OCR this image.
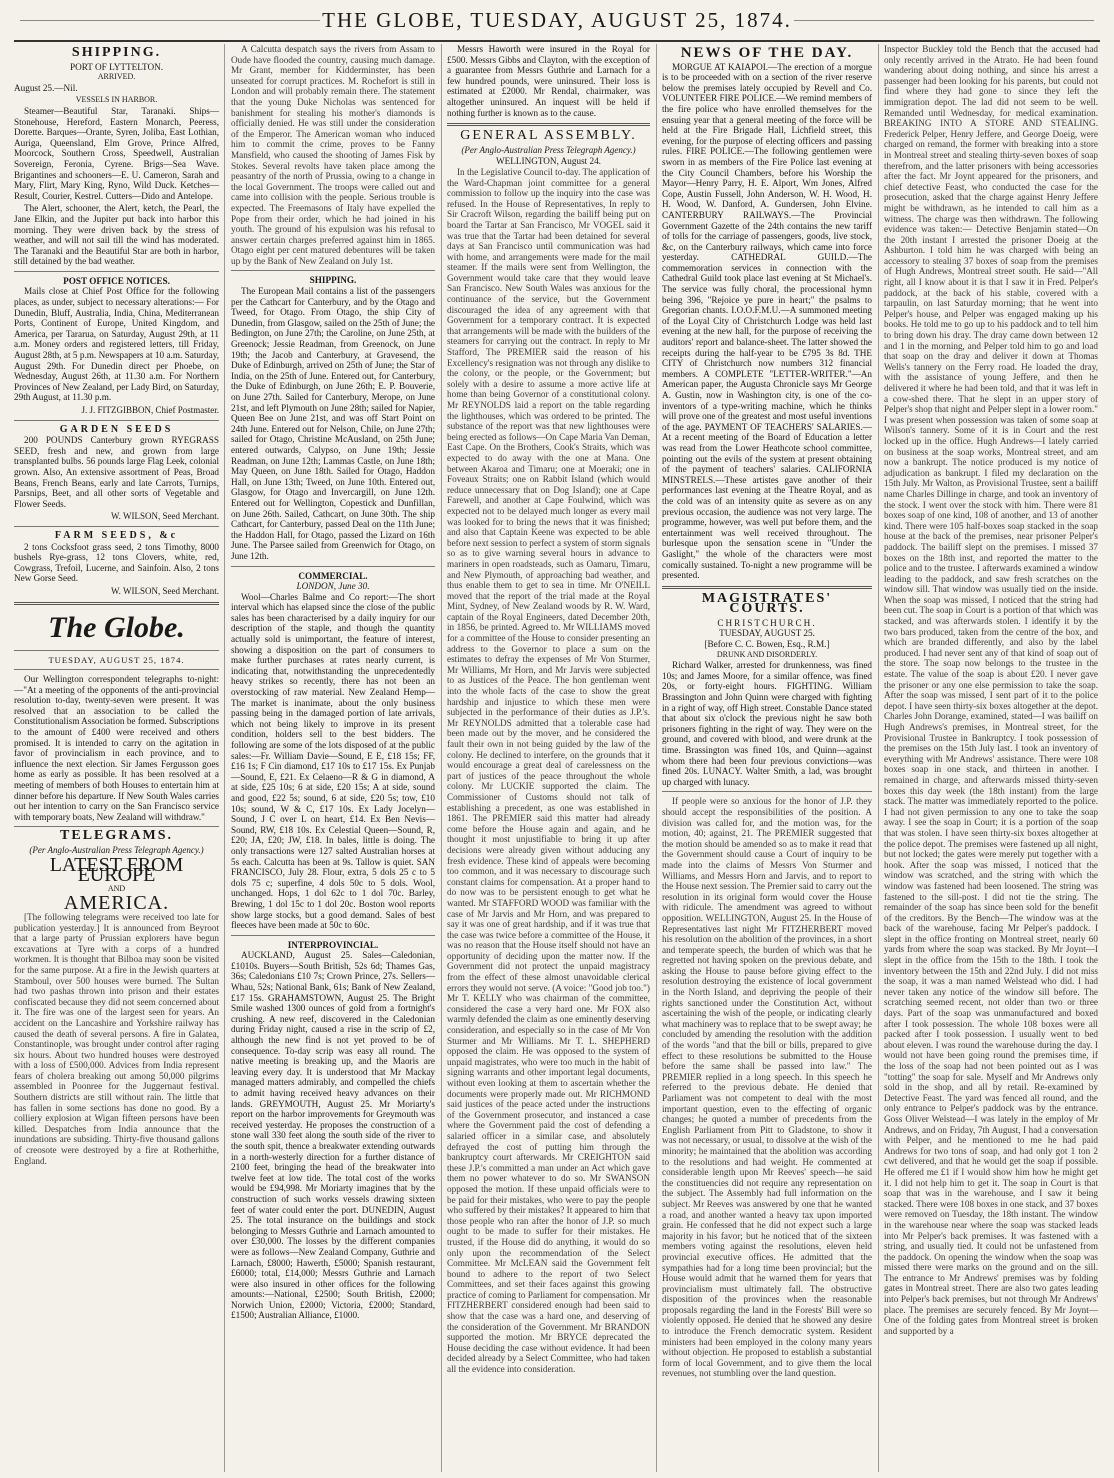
THE GLOBE, TUESDAY, AUGUST 25, 1874.
SHIPPING.
PORT OF LYTTELTON.
ARRIVED.

August 25.—Nil.

VESSELS IN HARBOR.

Steamer—Beautiful Star, Taranaki. Ships—Stonehouse, Hereford, Eastern Monarch, Peeress, Dorette. Barques—Orante, Syren, Joliba, East Lothian, Auriga, Queensland, Elm Grove, Prince Alfred, Moorcock, Southern Cross, Speedwell, Australian Sovereign, Feronia, Cyrene. Brigs—Sea Wave. Brigantines and schooners—E. U. Cameron, Sarah and Mary, Flirt, Mary King, Ryno, Wild Duck. Ketches—Result, Courier, Kestrel. Cutters—Dido and Antelope.

The Alert, schooner, the Alert, ketch, the Pearl, the Jane Elkin, and the Jupiter put back into harbor this morning. They were driven back by the stress of weather, and will not sail till the wind has moderated. The Taranaki and the Beautiful Star are both in harbor, still detained by the bad weather.

POST OFFICE NOTICES.

Mails close at Chief Post Office for the following places, as under, subject to necessary alterations:— For Dunedin, Bluff, Australia, India, China, Mediterranean Ports, Continent of Europe, United Kingdom, and America, per Tararua, on Saturday, August 29th, at 11 a.m. Money orders and registered letters, till Friday, August 28th, at 5 p.m. Newspapers at 10 a.m. Saturday, August 29th. For Dunedin direct per Phoebe, on Wednesday, August 26th, at 11.30 a.m. For Northern Provinces of New Zealand, per Lady Bird, on Saturday, 29th August, at 11.30 p.m.

J. J. FITZGIBBON, Chief Postmaster.
GARDEN SEEDS

200 POUNDS Canterbury grown RYEGRASS SEED, fresh and new, and grown from large transplanted bulbs. 56 pounds large Flag Leek, colonial grown. Also, An extensive assortment of Peas, Broad Beans, French Beans, early and late Carrots, Turnips, Parsnips, Beet, and all other sorts of Vegetable and Flower Seeds.

W. WILSON, Seed Merchant.
FARM SEEDS, &c

2 tons Cocksfoot grass seed, 2 tons Timothy, 8000 bushels Rye-grass, 12 tons Clovers, white, red, Cowgrass, Trefoil, Lucerne, and Sainfoin. Also, 2 tons New Gorse Seed.

W. WILSON, Seed Merchant.
The Globe.
TUESDAY, AUGUST 25, 1874.

Our Wellington correspondent telegraphs to-night:—"At a meeting of the opponents of the anti-provincial resolution to-day, twenty-seven were present. It was resolved that an association to be called the Constitutionalism Association be formed. Subscriptions to the amount of £400 were received and others promised. It is intended to carry on the agitation in favor of provincialism in each province, and to influence the next election. Sir James Fergusson goes home as early as possible. It has been resolved at a meeting of members of both Houses to entertain him at dinner before his departure. If New South Wales carries out her intention to carry on the San Francisco service with temporary boats, New Zealand will withdraw."

TELEGRAMS.
(Per Anglo-Australian Press Telegraph Agency.)
LATEST FROM EUROPE
AND
AMERICA.

[The following telegrams were received too late for publication yesterday.] It is announced from Beyroot that a large party of Prussian explorers have begun excavations at Tyre with a corps of a hundred workmen. It is thought that Bilboa may soon be visited for the same purpose. At a fire in the Jewish quarters at Stamboul, over 500 houses were burned. The Sultan had two pashas thrown into prison and their estates confiscated because they did not seem concerned about it. The fire was one of the largest seen for years. An accident on the Lancashire and Yorkshire railway has caused the death of several persons. A fire in Galatea, Constantinople, was brought under control after raging six hours. About two hundred houses were destroyed with a loss of £500,000. Advices from India represent fears of cholera breaking out among 50,000 pilgrims assembled in Poonree for the Juggernaut festival. Southern districts are still without rain. The little that has fallen in some sections has done no good. By a colliery explosion at Wigan fifteen persons have been killed. Despatches from India announce that the inundations are subsiding. Thirty-five thousand gallons of creosote were destroyed by a fire at Rotherhithe, England.

A Calcutta despatch says the rivers from Assam to Oude have flooded the country, causing much damage. Mr Grant, member for Kidderminster, has been unseated for corrupt practices. M. Rochefort is still in London and will probably remain there. The statement that the young Duke Nicholas was sentenced for banishment for stealing his mother's diamonds is officially denied. He was still under the consideration of the Emperor. The American woman who induced him to commit the crime, proves to be Fanny Mansfield, who caused the shooting of James Fisk by Stokes. Several revolts have taken place among the peasantry of the north of Prussia, owing to a change in the local Government. The troops were called out and came into collision with the people. Serious trouble is expected. The Freemasons of Italy have expelled the Pope from their order, which he had joined in his youth. The ground of his expulsion was his refusal to answer certain charges preferred against him in 1865. Otago eight per cent matured debentures will be taken up by the Bank of New Zealand on July 1st.

SHIPPING.

The European Mail contains a list of the passengers per the Cathcart for Canterbury, and by the Otago and Tweed, for Otago. From Otago, the ship City of Dunedin, from Glasgow, sailed on the 25th of June; the Bedington, on June 27th; the Caroline, on June 25th, at Greenock; Jessie Readman, from Greenock, on June 19th; the Jacob and Canterbury, at Gravesend, the Duke of Edinburgh, arrived on 25th of June; the Star of India, on the 25th of June. Entered out, for Canterbury, the Duke of Edinburgh, on June 26th; E. P. Bouverie, on June 27th. Sailed for Canterbury, Merope, on June 21st, and left Plymouth on June 28th; sailed for Napier, Queen Bee on June 21st, and was off Start Point on 24th June. Entered out for Nelson, Chile, on June 27th; sailed for Otago, Christine McAusland, on 25th June; entered outwards, Calypso, on June 19th; Jessie Readman, on June 12th; Lammas Castle, on June 18th; May Queen, on June 18th. Sailed for Otago, Haddon Hall, on June 13th; Tweed, on June 10th. Entered out, Glasgow, for Otago and Invercargill, on June 12th. Entered out for Wellington, Copestick and Dunfillan, on June 26th. Sailed, Cathcart, on June 30th. The ship Cathcart, for Canterbury, passed Deal on the 11th June; the Haddon Hall, for Otago, passed the Lizard on 16th June. The Parsee sailed from Greenwich for Otago, on June 12th.

COMMERCIAL.
LONDON, June 30.

Wool—Charles Balme and Co report:—The short interval which has elapsed since the close of the public sales has been characterised by a daily inquiry for our description of the staple, and though the quantity actually sold is unimportant, the feature of interest, showing a disposition on the part of consumers to make further purchases at rates nearly current, is indicating that, notwithstanding the unprecedentedly heavy strikes so recently, there has not been an overstocking of raw material. New Zealand Hemp—The market is inanimate, about the only business passing being in the damaged portion of late arrivals, which not being likely to improve in its present condition, holders sell to the best bidders. The following are some of the lots disposed of at the public sales:—Fr. William Davie—Sound, E E, £18 15s; FF, £16 1s; F Cin diamond, £17 10s to £17 15s. Ex Punjab—Sound, E, £21. Ex Celaeno—R & G in diamond, A at side, £25 10s; 6 at side, £20 15s; A at side, sound and good, £22 5s; sound, 6 at side, £20 5s; tow, £10 10s; sound, W & C, £17 10s. Ex Lady Jocelyn—Sound, J C over L on heart, £14. Ex Ben Nevis—Sound, RW, £18 10s. Ex Celestial Queen—Sound, R, £20; JA, £20; JW, £18. In bales, little is doing. The only transactions were 127 salted Australian horses at 5s each. Calcutta has been at 9s. Tallow is quiet. SAN FRANCISCO, July 28. Flour, extra, 5 dols 25 c to 5 dols 75 c; superfine, 4 dols 50c to 5 dols. Wool, unchanged. Hops, 1 dol 62c to 1 dol 70c. Barley, Brewing, 1 dol 15c to 1 dol 20c. Boston wool reports show large stocks, but a good demand. Sales of best fleeces have been made at 50c to 60c.

INTERPROVINCIAL.

AUCKLAND, August 25. Sales—Caledonian, £1010s. Buyers—South British, 52s 6d; Thames Gas, 36s; Caledonians £10 7s; Crown Prince, 27s. Sellers—Whau, 52s; National Bank, 61s; Bank of New Zealand, £17 15s. GRAHAMSTOWN, August 25. The Bright Smile washed 1300 ounces of gold from a fortnight's crushing. A new reef, discovered in the Caledonian during Friday night, caused a rise in the scrip of £2, although the new find is not yet proved to be of consequence. To-day scrip was easy all round. The native meeting is breaking up, and the Maoris are leaving every day. It is understood that Mr Mackay managed matters admirably, and compelled the chiefs to admit having received heavy advances on their lands. GREYMOUTH, August 25. Mr Moriarty's report on the harbor improvements for Greymouth was received yesterday. He proposes the construction of a stone wall 330 feet along the south side of the river to the south spit, thence a breakwater extending outwards in a north-westerly direction for a further distance of 2100 feet, bringing the head of the breakwater into twelve feet at low tide. The total cost of the works would be £94,998. Mr Moriarty imagines that by the construction of such works vessels drawing sixteen feet of water could enter the port. DUNEDIN, August 25. The total insurance on the buildings and stock belonging to Messrs Guthrie and Larnach amounted to over £30,000. The losses by the different companies were as follows—New Zealand Company, Guthrie and Larnach, £8000; Hawerth, £5000; Spanish restaurant, £6000; total, £14,000; Messrs Guthrie and Larnach were also insured in other offices for the following amounts:—National, £2500; South British, £2000; Norwich Union, £2000; Victoria, £2000; Standard, £1500; Australian Alliance, £1000.

Messrs Haworth were insured in the Royal for £500. Messrs Gibbs and Clayton, with the exception of a guarantee from Messrs Guthrie and Larnach for a few hundred pounds, were uninsured. Their loss is estimated at £2000. Mr Rendal, chairmaker, was altogether uninsured. An inquest will be held if nothing further is known as to the cause.

GENERAL ASSEMBLY.
(Per Anglo-Australian Press Telegraph Agency.)
WELLINGTON, August 24.

In the Legislative Council to-day. The application of the Ward-Chapman joint committee for a general commission to follow up the inquiry into the case was refused. In the House of Representatives, In reply to Sir Cracroft Wilson, regarding the bailiff being put on board the Tartar at San Francisco, Mr VOGEL said it was true that the Tartar had been detained for several days at San Francisco until communication was had with home, and arrangements were made for the mail steamer. If the mails were sent from Wellington, the Government would take care that they would leave San Francisco. New South Wales was anxious for the continuance of the service, but the Government discouraged the idea of any agreement with that Government for a temporary contract. It is expected that arrangements will be made with the builders of the steamers for carrying out the contract. In reply to Mr Stafford, The PREMIER said the reason of his Excellency's resignation was not through any dislike to the colony, or the people, or the Government; but solely with a desire to assume a more active life at home than being Governor of a constitutional colony. Mr REYNOLDS laid a report on the table regarding the lighthouses, which was ordered to be printed. The substance of the report was that new lighthouses were being erected as follows—On Cape Maria Van Deman, East Cape. On the Brothers, Cook's Straits, which was expected to do away with the one at Mana. One between Akaroa and Timaru; one at Moeraki; one in Foveaux Straits; one on Rabbit Island (which would reduce unnecessary that on Dog Island); one at Cape Farewell, and another at Cape Foulwind, which was expected not to be delayed much longer as every mail was looked for to bring the news that it was finished; and also that Captain Keene was expected to be able before next session to perfect a system of storm signals so as to give warning several hours in advance to mariners in open roadsteads, such as Oamaru, Timaru, and New Plymouth, of approaching bad weather, and thus enable them to get to sea in time. Mr O'NEILL moved that the report of the trial made at the Royal Mint, Sydney, of New Zealand woods by R. W. Ward, captain of the Royal Engineers, dated December 20th, in 1856, be printed. Agreed to. Mr WILLIAMS moved for a committee of the House to consider presenting an address to the Governor to place a sum on the estimates to defray the expenses of Mr Von Sturmer, Mr Williams, Mr Horn, and Mr Jarvis were subjected to as Justices of the Peace. The hon gentleman went into the whole facts of the case to show the great hardship and injustice to which these men were subjected in the performance of their duties as J.P.'s. Mr REYNOLDS admitted that a tolerable case had been made out by the mover, and he considered the fault their own in not being guided by the law of the colony. He declined to interfere, on the grounds that it would encourage a great deal of carelessness on the part of justices of the peace throughout the whole colony. Mr LUCKIE supported the claim. The Commissioner of Customs should not talk of establishing a precedent, as one was established in 1861. The PREMIER said this matter had already come before the House again and again, and he thought it most unjustifiable to bring it up after decisions were already given without adducing any fresh evidence. These kind of appeals were becoming too common, and it was necessary to discourage such constant claims for compensation. At a proper hand to do now was to be persistent enough to get what he wanted. Mr STAFFORD WOOD was familiar with the case of Mr Jarvis and Mr Horn, and was prepared to say it was one of great hardship, and if it was true that the case was twice before a committee of the House, it was no reason that the House itself should not have an opportunity of deciding upon the matter now. If the Government did not protect the unpaid magistracy from the effect of these almost unavoidable clerical errors they would not serve. (A voice: "Good job too.") Mr T. KELLY who was chairman of the committee, considered the case a very hard one. Mr FOX also warmly defended the claim as one eminently deserving consideration, and especially so in the case of Mr Von Sturmer and Mr Williams. Mr T. L. SHEPHERD opposed the claim. He was opposed to the system of unpaid magistrates, who were too much in the habit of signing warrants and other important legal documents, without even looking at them to ascertain whether the documents were properly made out. Mr RICHMOND said justices of the peace acted under the instructions of the Government prosecutor, and instanced a case where the Government paid the cost of defending a salaried officer in a similar case, and absolutely defrayed the cost of putting him through the bankruptcy court afterwards. Mr CREIGHTON said these J.P.'s committed a man under an Act which gave them no power whatever to do so. Mr SWANSON opposed the motion. If these unpaid officials were to be paid for their mistakes, who were to pay the people who suffered by their mistakes? It appeared to him that those people who ran after the honor of J.P. so much ought to be made to suffer for their mistakes. He trusted, if the House did do anything, it would do so only upon the recommendation of the Select Committee. Mr McLEAN said the Government felt bound to adhere to the report of two Select Committees, and set their faces against this growing practice of coming to Parliament for compensation. Mr FITZHERBERT considered enough had been said to show that the case was a hard one, and deserving of the consideration of the Government. Mr BRANDON supported the motion. Mr BRYCE deprecated the House deciding the case without evidence. It had been decided already by a Select Committee, who had taken all the evidence into consideration.

NEWS OF THE DAY.

MORGUE AT KAIAPOI.—The erection of a morgue is to be proceeded with on a section of the river reserve below the premises lately occupied by Revell and Co. VOLUNTEER FIRE POLICE.—We remind members of the fire police who have enrolled themselves for the ensuing year that a general meeting of the force will be held at the Fire Brigade Hall, Lichfield street, this evening, for the purpose of electing officers and passing rules. FIRE POLICE.—The following gentlemen were sworn in as members of the Fire Police last evening at the City Council Chambers, before his Worship the Mayor—Henry Parry, H. E. Alport, Wm Jones, Alfred Cope, Austin Fussell, John Anderson, W. H. Wood, H. H. Wood, W. Danford, A. Gundersen, John Elvine. CANTERBURY RAILWAYS.—The Provincial Government Gazette of the 24th contains the new tariff of tolls for the carriage of passengers, goods, live stock, &c, on the Canterbury railways, which came into force yesterday. CATHEDRAL GUILD.—The commemoration services in connection with the Cathedral Guild took place last evening at St Michael's. The service was fully choral, the processional hymn being 396, "Rejoice ye pure in heart;" the psalms to Gregorian chants. I.O.O.F.M.U.—A summoned meeting of the Loyal City of Christchurch Lodge was held last evening at the new hall, for the purpose of receiving the auditors' report and balance-sheet. The latter showed the receipts during the half-year to be £795 3s 8d. THE CITY of Christchurch now numbers 312 financial members. A COMPLETE "LETTER-WRITER."—An American paper, the Augusta Chronicle says Mr George A. Gustin, now in Washington city, is one of the co-inventors of a type-writing machine, which he thinks will prove one of the greatest and most useful inventions of the age. PAYMENT OF TEACHERS' SALARIES.—At a recent meeting of the Board of Education a letter was read from the Lower Heathcote school committee, pointing out the evils of the system at present obtaining of the payment of teachers' salaries. CALIFORNIA MINSTRELS.—These artistes gave another of their performances last evening at the Theatre Royal, and as the cold was of an intensity quite as severe as on any previous occasion, the audience was not very large. The programme, however, was well put before them, and the entertainment was well received throughout. The burlesque upon the sensation scene in "Under the Gaslight," the whole of the characters were most comically sustained. To-night a new programme will be presented.

MAGISTRATES' COURTS.
CHRISTCHURCH.
TUESDAY, AUGUST 25.
[Before C. C. Bowen, Esq., R.M.]
DRUNK AND DISORDERLY.

Richard Walker, arrested for drunkenness, was fined 10s; and James Moore, for a similar offence, was fined 20s, or forty-eight hours. FIGHTING. William Brassington and John Quinn were charged with fighting in a right of way, off High street. Constable Dance stated that about six o'clock the previous night he saw both prisoners fighting in the right of way. They were on the ground, and covered with blood, and were drunk at the time. Brassington was fined 10s, and Quinn—against whom there had been four previous convictions—was fined 20s. LUNACY. Walter Smith, a lad, was brought up charged with lunacy.

If people were so anxious for the honor of J.P. they should accept the responsibilities of the position. A division was called for, and the motion was, for the motion, 40; against, 21. The PREMIER suggested that the motion should be amended so as to make it read that the Government should cause a Court of inquiry to be made into the claims of Messrs Von Sturmer and Williams, and Messrs Horn and Jarvis, and to report to the House next session. The Premier said to carry out the resolution in its original form would cover the House with ridicule. The amendment was agreed to without opposition. WELLINGTON, August 25. In the House of Representatives last night Mr FITZHERBERT moved his resolution on the abolition of the provinces, in a short and temperate speech, the burden of which was that he regretted not having spoken on the previous debate, and asking the House to pause before giving effect to the resolution destroying the existence of local government in the North Island, and depriving the people of their rights sanctioned under the Constitution Act, without ascertaining the wish of the people, or indicating clearly what machinery was to replace that to be swept away; he concluded by amending the resolution with the addition of the words "and that the bill or bills, prepared to give effect to these resolutions be submitted to the House before the same shall be passed into law." The PREMIER replied in a long speech. In this speech he referred to the previous debate. He denied that Parliament was not competent to deal with the most important question, even to the effecting of organic changes; he quoted a number of precedents from the English Parliament from Pitt to Gladstone, to show it was not necessary, or usual, to dissolve at the wish of the minority; he maintained that the abolition was according to the resolutions and had weight. He commented at considerable length upon Mr Reeves' speech—he said the constituencies did not require any representation on the subject. The Assembly had full information on the subject. Mr Reeves was answered by one that he wanted a road, and another wanted a heavy tax upon imported grain. He confessed that he did not expect such a large majority in his favor; but he noticed that of the sixteen members voting against the resolutions, eleven held provincial executive offices. He admitted that the sympathies had for a long time been provincial; but the House would admit that he warned them for years that provincialism must ultimately fall. The obstructive disposition of the provinces when the reasonable proposals regarding the land in the Forests' Bill were so violently opposed. He denied that he showed any desire to introduce the French democratic system. Resident ministers had been employed in the colony many years without objection. He proposed to establish a substantial form of local Government, and to give them the local revenues, not stumbling over the land question.

Inspector Buckley told the Bench that the accused had only recently arrived in the Atrato. He had been found wandering about doing nothing, and since his arrest a passenger had been looking for his parents, but could not find where they had gone to since they left the immigration depot. The lad did not seem to be well. Remanded until Wednesday, for medical examination. BREAKING INTO A STORE AND STEALING. Frederick Pelper, Henry Jeffere, and George Doeig, were charged on remand, the former with breaking into a store in Montreal street and stealing thirty-seven boxes of soap therefrom, and the latter prisoners with being accessories after the fact. Mr Joynt appeared for the prisoners, and chief detective Feast, who conducted the case for the prosecution, asked that the charge against Henry Jeffere might be withdrawn, as he intended to call him as a witness. The charge was then withdrawn. The following evidence was taken:— Detective Benjamin stated—On the 20th instant I arrested the prisoner Doeig at the Ashburton. I told him he was charged with being an accessory to stealing 37 boxes of soap from the premises of Hugh Andrews, Montreal street south. He said—"All right, all I know about it is that I saw it in Fred. Pelper's paddock, at the back of his stable, covered with a tarpaulin, on last Saturday morning; that he went into Pelper's house, and Pelper was engaged making up his books. He told me to go up to his paddock and to tell him to bring down his dray. The dray came down between 12 and 1 in the morning, and Pelper told him to go and load that soap on the dray and deliver it down at Thomas Wells's tannery on the Ferry road. He loaded the dray, with the assistance of young Jeffere, and then he delivered it where he had been told, and that it was left in a cow-shed there. That he slept in an upper story of Pelper's shop that night and Pelper slept in a lower room." I was present when possession was taken of some soap at Wilson's tannery. Some of it is in Court and the rest locked up in the office. Hugh Andrews—I lately carried on business at the soap works, Montreal street, and am now a bankrupt. The notice produced is my notice of adjudication as bankrupt. I filed my declaration on the 15th July. Mr Walton, as Provisional Trustee, sent a bailiff name Charles Dillinge in charge, and took an inventory of the stock. I went over the stock with him. There were 81 boxes soap of one kind, 108 of another, and 13 of another kind. There were 105 half-boxes soap stacked in the soap house at the back of the premises, near prisoner Pelper's paddock. The bailiff slept on the premises. I missed 37 boxes on the 18th inst, and reported the matter to the police and to the trustee. I afterwards examined a window leading to the paddock, and saw fresh scratches on the window sill. That window was usually tied on the inside. When the soap was missed, I noticed that the string had been cut. The soap in Court is a portion of that which was stacked, and was afterwards stolen. I identify it by the two bars produced, taken from the centre of the box, and which are branded differently, and also by the label produced. I had never sent any of that kind of soap out of the store. The soap now belongs to the trustee in the estate. The value of the soap is about £20. I never gave the prisoner or any one else permission to take the soap. After the soap was missed, I sent part of it to the police depot. I have seen thirty-six boxes altogether at the depot. Charles John Dorange, examined, stated—I was bailiff on Hugh Andrews's premises, in Montreal street, for the Provisional Trustee in Bankruptcy. I took possession of the premises on the 15th July last. I took an inventory of everything with Mr Andrews' assistance. There were 108 boxes soap in one stack, and thirteen in another. I remained in charge, and afterwards missed thirty-seven boxes this day week (the 18th instant) from the large stack. The matter was immediately reported to the police. I had not given permission to any one to take the soap away. I see the soap in Court; it is a portion of the soap that was stolen. I have seen thirty-six boxes altogether at the police depot. The premises were fastened up all night, but not locked; the gates were merely put together with a hook. After the soap was missed, I noticed that the window was scratched, and the string with which the window was fastened had been loosened. The string was fastened to the sill-post. I did not tie the string. The remainder of the soap has since been sold for the benefit of the creditors. By the Bench—The window was at the back of the warehouse, facing Mr Pelper's paddock. I slept in the office fronting on Montreal street, nearly 60 yards from where the soap was stacked. By Mr Joynt—I slept in the office from the 15th to the 18th. I took the inventory between the 15th and 22nd July. I did not miss the soap, it was a man named Welstead who did. I had never taken any notice of the window sill before. The scratching seemed recent, not older than two or three days. Part of the soap was unmanufactured and boxed after I took possession. The whole 108 boxes were all packed after I took possession. I usually went to bed about eleven. I was round the warehouse during the day. I would not have been going round the premises time, if the loss of the soap had not been pointed out as I was "totting" the soap for sale. Myself and Mr Andrews only sold in the shop, and all by retail. Re-examined by Detective Feast. The yard was fenced all round, and the only entrance to Pelper's paddock was by the entrance. Goss Oliver Welstead—I was lately in the employ of Mr Andrews, and on Friday, 7th August, I had a conversation with Pelper, and he mentioned to me he had paid Andrews for two tons of soap, and had only got 1 ton 2 cwt delivered, and that he would get the soap if possible. He offered me £1 if I would show him how he might get it. I did not help him to get it. The soap in Court is that soap that was in the warehouse, and I saw it being stacked. There were 108 boxes in one stack, and 37 boxes were removed on Tuesday, the 18th instant. The window in the warehouse near where the soap was stacked leads into Mr Pelper's back premises. It was fastened with a string, and usually tied. It could not be unfastened from the paddock. On opening the window when the soap was missed there were marks on the ground and on the sill. The entrance to Mr Andrews' premises was by folding gates in Montreal street. There are also two gates leading into Pelper's back premises, but not through Mr Andrews' place. The premises are securely fenced. By Mr Joynt—One of the folding gates from Montreal street is broken and supported by a
